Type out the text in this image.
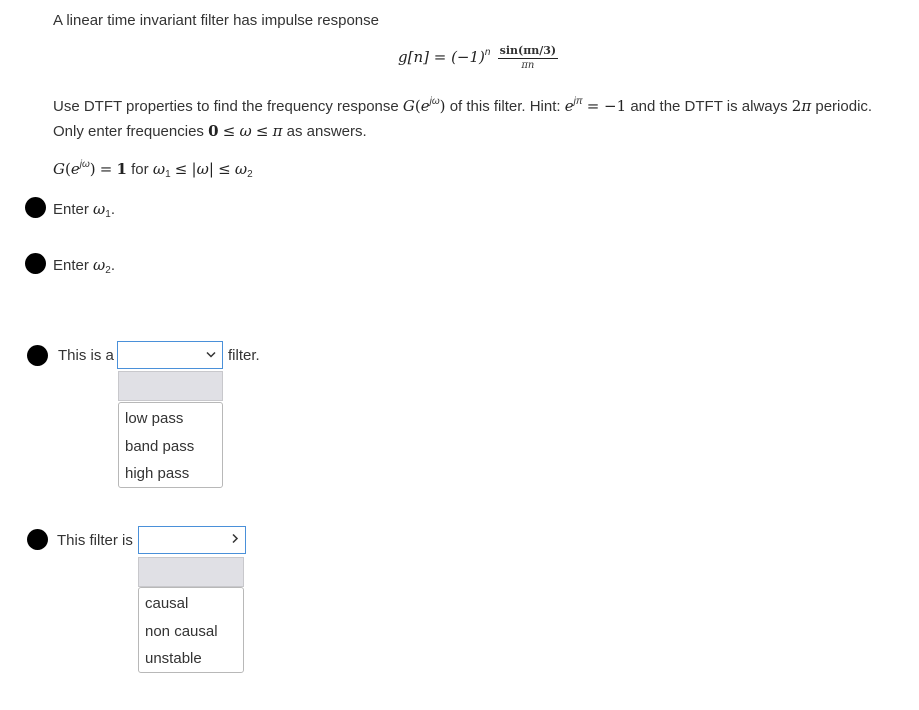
A linear time invariant filter has impulse response
$g[n] = (-1)^n \frac{\sin(\pi n/3)}{\pi n}$
Use DTFT properties to find the frequency response $G(e^{j\omega})$ of this filter. Hint: $e^{j\pi} = -1$ and the DTFT is always 2π periodic.
Only enter frequencies 0 ≤ ω ≤ π as answers.
$G(e^{j\omega}) = 1$ for $\omega_1 \le |\omega| \le \omega_2$
Enter $\omega_1$.
Enter $\omega_2$.
This is a	filter.
low pass
band pass
high pass
This filter is
causal
non causal
unstable
